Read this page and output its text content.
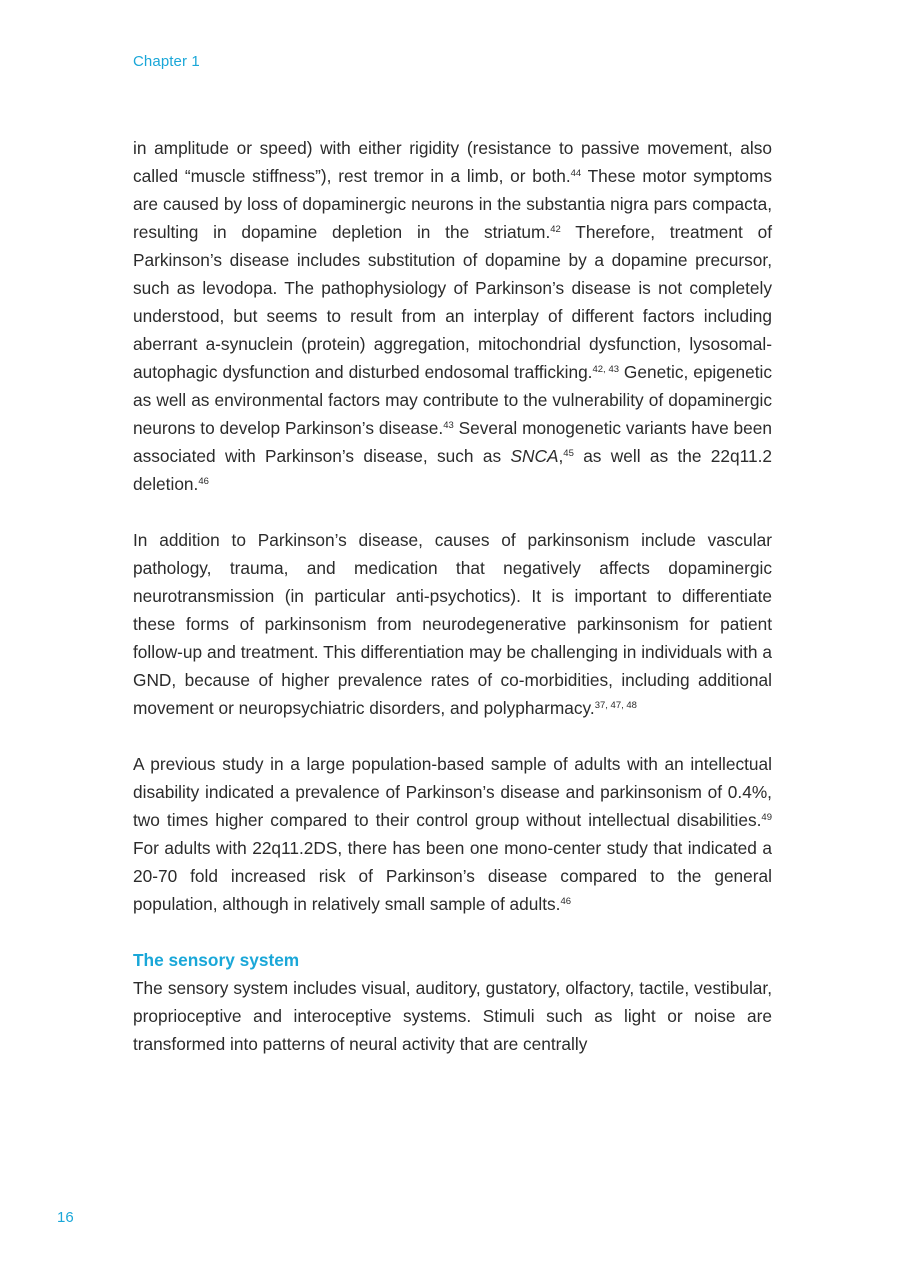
Chapter 1

in amplitude or speed) with either rigidity (resistance to passive movement, also called “muscle stiffness”), rest tremor in a limb, or both.$^{44}$ These motor symptoms are caused by loss of dopaminergic neurons in the substantia nigra pars compacta, resulting in dopamine depletion in the striatum.$^{42}$ Therefore, treatment of Parkinson’s disease includes substitution of dopamine by a dopamine precursor, such as levodopa. The pathophysiology of Parkinson’s disease is not completely understood, but seems to result from an interplay of different factors including aberrant a-synuclein (protein) aggregation, mitochondrial dysfunction, lysosomal-autophagic dysfunction and disturbed endosomal trafficking.$^{42, 43}$ Genetic, epigenetic as well as environmental factors may contribute to the vulnerability of dopaminergic neurons to develop Parkinson’s disease.$^{43}$ Several monogenetic variants have been associated with Parkinson’s disease, such as SNCA,$^{45}$ as well as the 22q11.2 deletion.$^{46}$

In addition to Parkinson’s disease, causes of parkinsonism include vascular pathology, trauma, and medication that negatively affects dopaminergic neurotransmission (in particular anti-psychotics). It is important to differentiate these forms of parkinsonism from neurodegenerative parkinsonism for patient follow-up and treatment. This differentiation may be challenging in individuals with a GND, because of higher prevalence rates of co-morbidities, including additional movement or neuropsychiatric disorders, and polypharmacy.$^{37, 47, 48}$

A previous study in a large population-based sample of adults with an intellectual disability indicated a prevalence of Parkinson’s disease and parkinsonism of 0.4%, two times higher compared to their control group without intellectual disabilities.$^{49}$ For adults with 22q11.2DS, there has been one mono-center study that indicated a 20-70 fold increased risk of Parkinson’s disease compared to the general population, although in relatively small sample of adults.$^{46}$

The sensory system

The sensory system includes visual, auditory, gustatory, olfactory, tactile, vestibular, proprioceptive and interoceptive systems. Stimuli such as light or noise are transformed into patterns of neural activity that are centrally

16
